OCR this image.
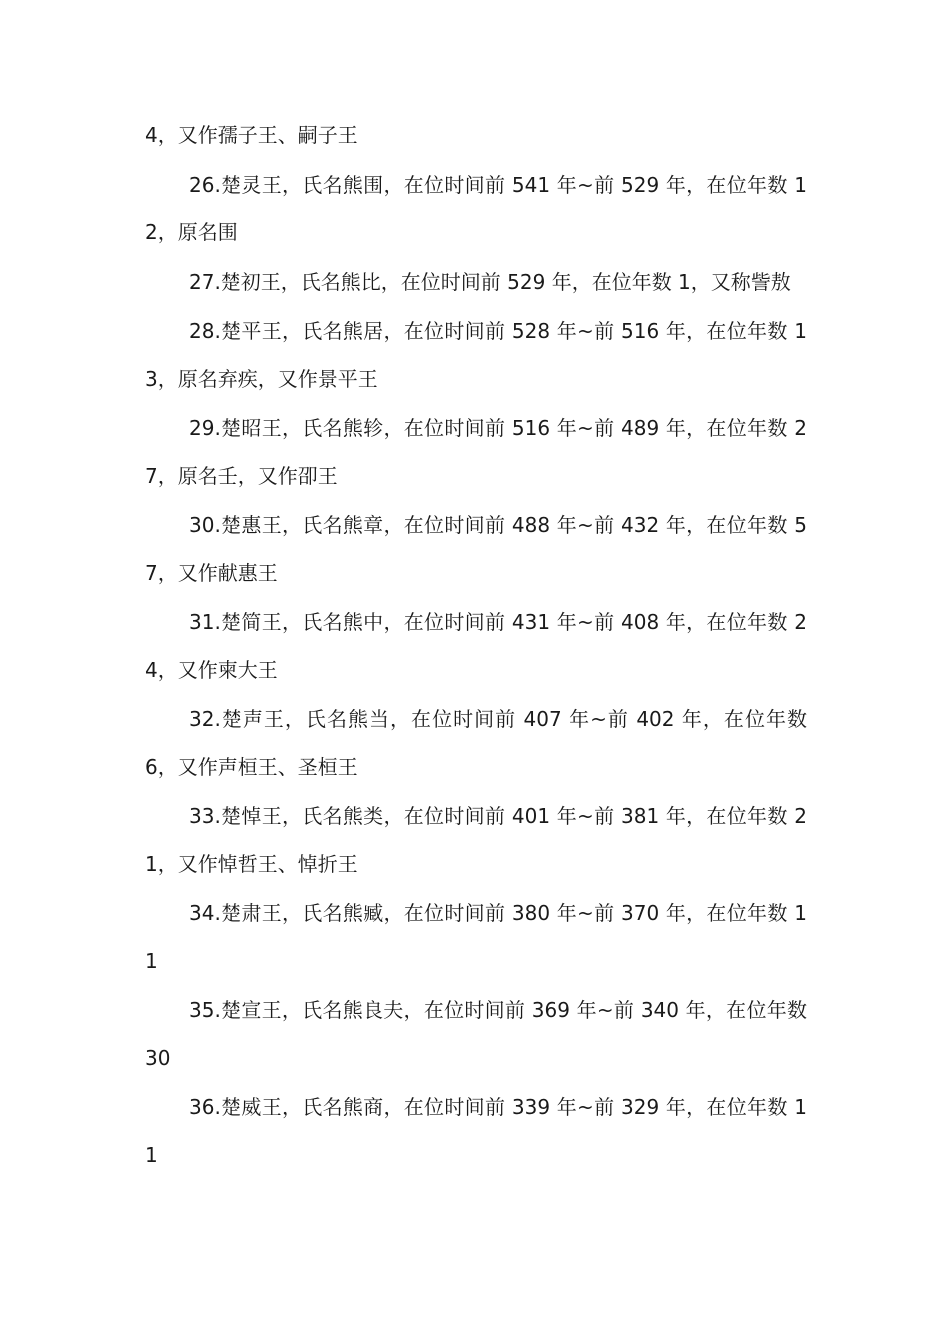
4，又作孺子王、嗣子王

26.楚灵王，氏名熊围，在位时间前 541 年~前 529 年，在位年数 12，原名围

27.楚初王，氏名熊比，在位时间前 529 年，在位年数 1，又称訾敖

28.楚平王，氏名熊居，在位时间前 528 年~前 516 年，在位年数 13，原名弃疾，又作景平王

29.楚昭王，氏名熊轸，在位时间前 516 年~前 489 年，在位年数 27，原名壬，又作卲王

30.楚惠王，氏名熊章，在位时间前 488 年~前 432 年，在位年数 57，又作献惠王

31.楚简王，氏名熊中，在位时间前 431 年~前 408 年，在位年数 24，又作柬大王

32.楚声王，氏名熊当，在位时间前 407 年~前 402 年，在位年数 6，又作声桓王、圣桓王

33.楚悼王，氏名熊类，在位时间前 401 年~前 381 年，在位年数 21，又作悼哲王、悼折王

34.楚肃王，氏名熊臧，在位时间前 380 年~前 370 年，在位年数 11

35.楚宣王，氏名熊良夫，在位时间前 369 年~前 340 年，在位年数 30

36.楚威王，氏名熊商，在位时间前 339 年~前 329 年，在位年数 11
